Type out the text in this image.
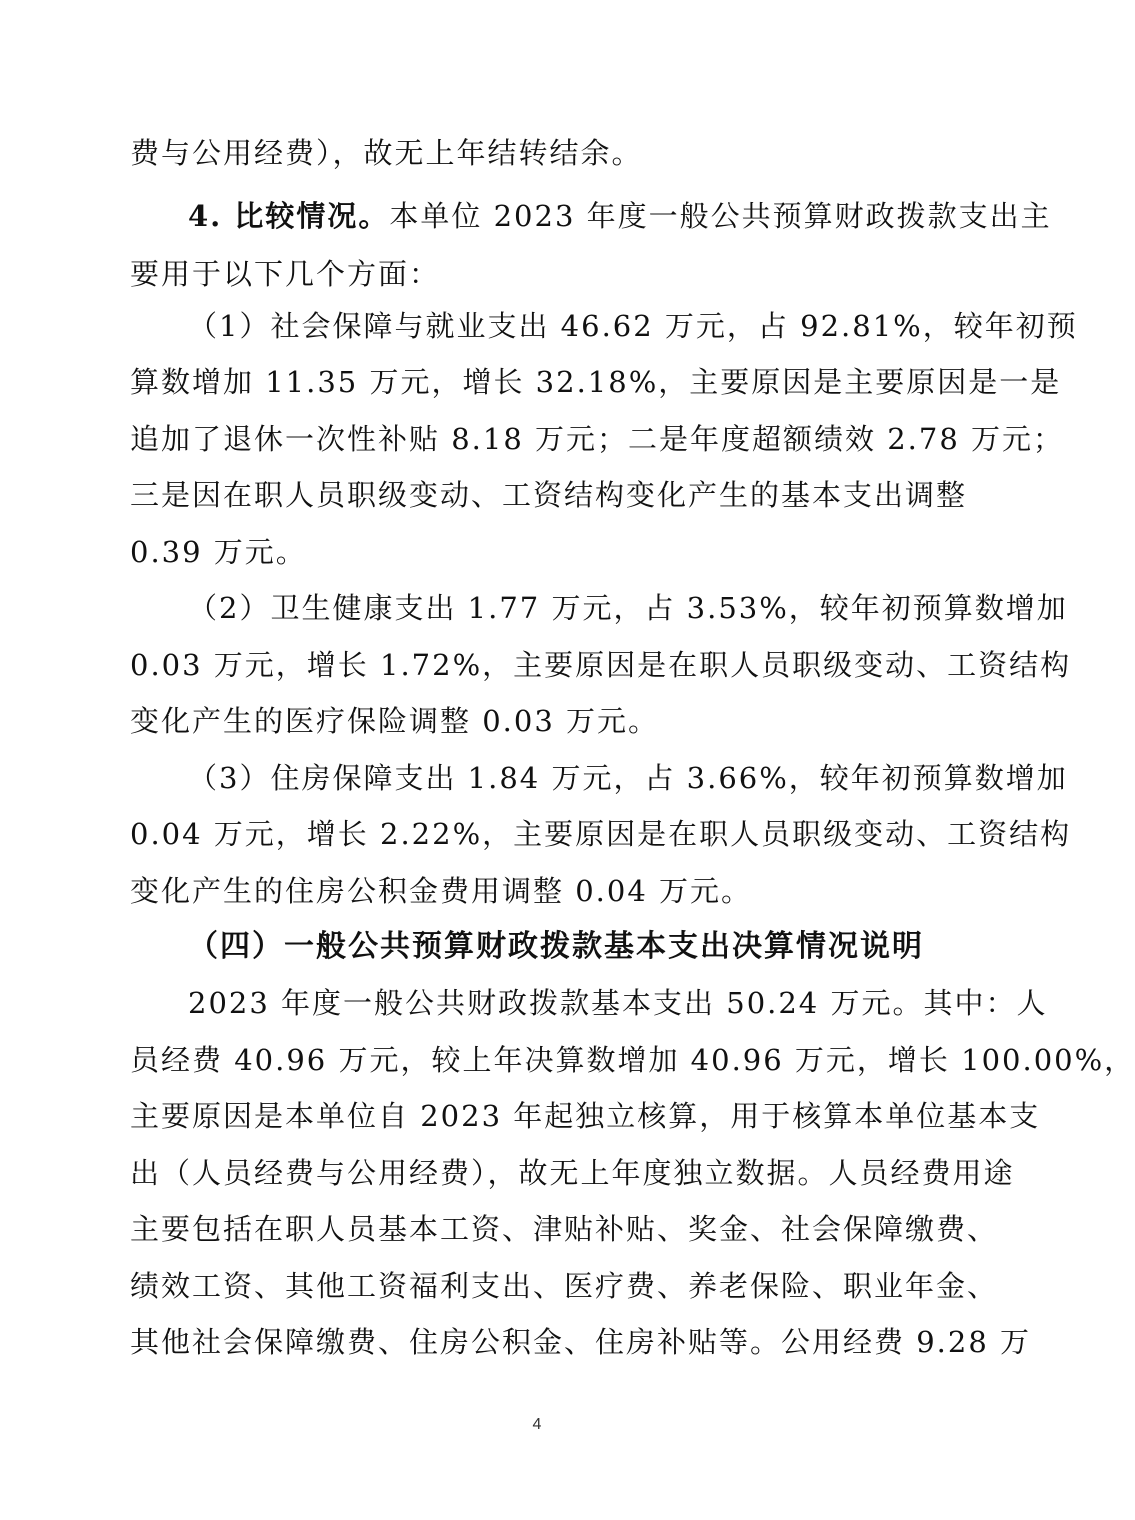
费与公用经费），故无上年结转结余。
4. 比较情况。本单位 2023 年度一般公共预算财政拨款支出主
要用于以下几个方面：
（1）社会保障与就业支出 46.62 万元，占 92.81%，较年初预
算数增加 11.35 万元，增长 32.18%，主要原因是主要原因是一是
追加了退休一次性补贴 8.18 万元；二是年度超额绩效 2.78 万元；
三是因在职人员职级变动、工资结构变化产生的基本支出调整
0.39 万元。
（2）卫生健康支出 1.77 万元，占 3.53%，较年初预算数增加
0.03 万元，增长 1.72%，主要原因是在职人员职级变动、工资结构
变化产生的医疗保险调整 0.03 万元。
（3）住房保障支出 1.84 万元，占 3.66%，较年初预算数增加
0.04 万元，增长 2.22%，主要原因是在职人员职级变动、工资结构
变化产生的住房公积金费用调整 0.04 万元。
（四）一般公共预算财政拨款基本支出决算情况说明
2023 年度一般公共财政拨款基本支出 50.24 万元。其中：人
员经费 40.96 万元，较上年决算数增加 40.96 万元，增长 100.00%，
主要原因是本单位自 2023 年起独立核算，用于核算本单位基本支
出（人员经费与公用经费），故无上年度独立数据。人员经费用途
主要包括在职人员基本工资、津贴补贴、奖金、社会保障缴费、
绩效工资、其他工资福利支出、医疗费、养老保险、职业年金、
其他社会保障缴费、住房公积金、住房补贴等。公用经费 9.28 万
4
